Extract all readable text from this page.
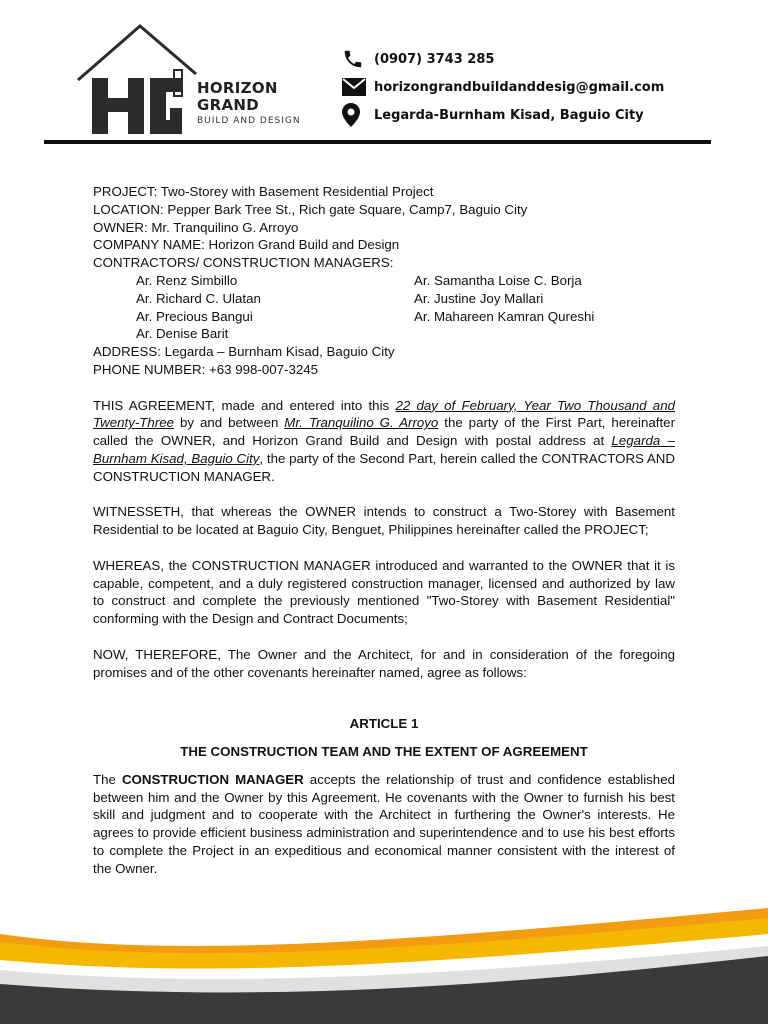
HORIZON
GRAND
BUILD AND DESIGN
(0907) 3743 285
horizongrandbuildanddesig@gmail.com
Legarda-Burnham Kisad, Baguio City

PROJECT: Two-Storey with Basement Residential Project

LOCATION: Pepper Bark Tree St., Rich gate Square, Camp7, Baguio City

OWNER: Mr. Tranquilino G. Arroyo

COMPANY NAME: Horizon Grand Build and Design

CONTRACTORS/ CONSTRUCTION MANAGERS:

Ar. Renz Simbillo	Ar. Samantha Loise C. Borja
Ar. Richard C. Ulatan	Ar. Justine Joy Mallari
Ar. Precious Bangui	Ar. Mahareen Kamran Qureshi
Ar. Denise Barit

ADDRESS: Legarda – Burnham Kisad, Baguio City

PHONE NUMBER: +63 998-007-3245

THIS AGREEMENT, made and entered into this 22 day of February, Year Two Thousand and Twenty-Three by and between Mr. Tranquilino G. Arroyo the party of the First Part, hereinafter called the OWNER, and Horizon Grand Build and Design with postal address at Legarda – Burnham Kisad, Baguio City, the party of the Second Part, herein called the CONTRACTORS AND CONSTRUCTION MANAGER.

WITNESSETH, that whereas the OWNER intends to construct a Two-Storey with Basement Residential to be located at Baguio City, Benguet, Philippines hereinafter called the PROJECT;

WHEREAS, the CONSTRUCTION MANAGER introduced and warranted to the OWNER that it is capable, competent, and a duly registered construction manager, licensed and authorized by law to construct and complete the previously mentioned "Two-Storey with Basement Residential" conforming with the Design and Contract Documents;

NOW, THEREFORE, The Owner and the Architect, for and in consideration of the foregoing promises and of the other covenants hereinafter named, agree as follows:

ARTICLE 1

THE CONSTRUCTION TEAM AND THE EXTENT OF AGREEMENT

The CONSTRUCTION MANAGER accepts the relationship of trust and confidence established between him and the Owner by this Agreement. He covenants with the Owner to furnish his best skill and judgment and to cooperate with the Architect in furthering the Owner's interests. He agrees to provide efficient business administration and superintendence and to use his best efforts to complete the Project in an expeditious and economical manner consistent with the interest of the Owner.
